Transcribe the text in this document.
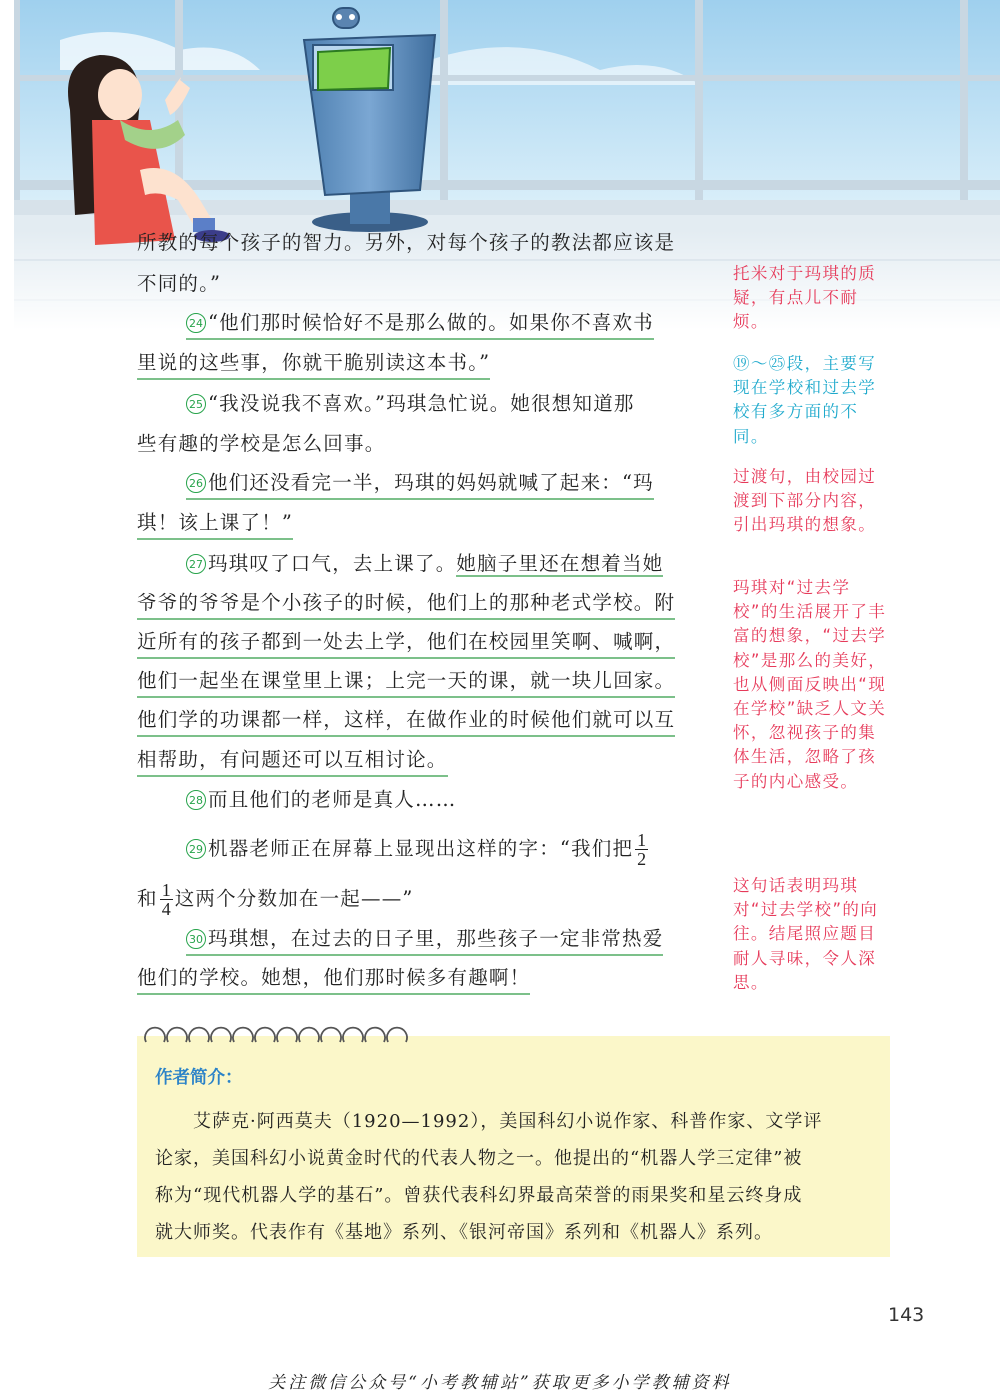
所教的每个孩子的智力。另外，对每个孩子的教法都应该是
不同的。”
24 “他们那时候恰好不是那么做的。如果你不喜欢书
里说的这些事，你就干脆别读这本书。”
25 “我没说我不喜欢。”玛琪急忙说。她很想知道那
些有趣的学校是怎么回事。
26 他们还没看完一半，玛琪的妈妈就喊了起来：“玛
琪！该上课了！”
27 玛琪叹了口气，去上课了。她脑子里还在想着当她
爷爷的爷爷是个小孩子的时候，他们上的那种老式学校。附
近所有的孩子都到一处去上学，他们在校园里笑啊、喊啊，
他们一起坐在课堂里上课；上完一天的课，就一块儿回家。
他们学的功课都一样，这样，在做作业的时候他们就可以互
相帮助，有问题还可以互相讨论。
28 而且他们的老师是真人……
29 机器老师正在屏幕上显现出这样的字：“我们把 $\frac{1}{2}$
和 $\frac{1}{4}$ 这两个分数加在一起——”
30 玛琪想，在过去的日子里，那些孩子一定非常热爱
他们的学校。她想，他们那时候多有趣啊！
托米对于玛琪的质疑，有点儿不耐烦。
⑲～㉕段，主要写现在学校和过去学校有多方面的不同。
过渡句，由校园过渡到下部分内容，引出玛琪的想象。
玛琪对“过去学校”的生活展开了丰富的想象，“过去学校”是那么的美好，也从侧面反映出“现在学校”缺乏人文关怀，忽视孩子的集体生活，忽略了孩子的内心感受。
这句话表明玛琪对“过去学校”的向往。结尾照应题目耐人寻味，令人深思。
作者简介：
　　艾萨克·阿西莫夫（1920—1992），美国科幻小说作家、科普作家、文学评
论家，美国科幻小说黄金时代的代表人物之一。他提出的“机器人学三定律”被
称为“现代机器人学的基石”。曾获代表科幻界最高荣誉的雨果奖和星云终身成
就大师奖。代表作有《基地》系列、《银河帝国》系列和《机器人》系列。
143
关注微信公众号“小考教辅站”获取更多小学教辅资料
